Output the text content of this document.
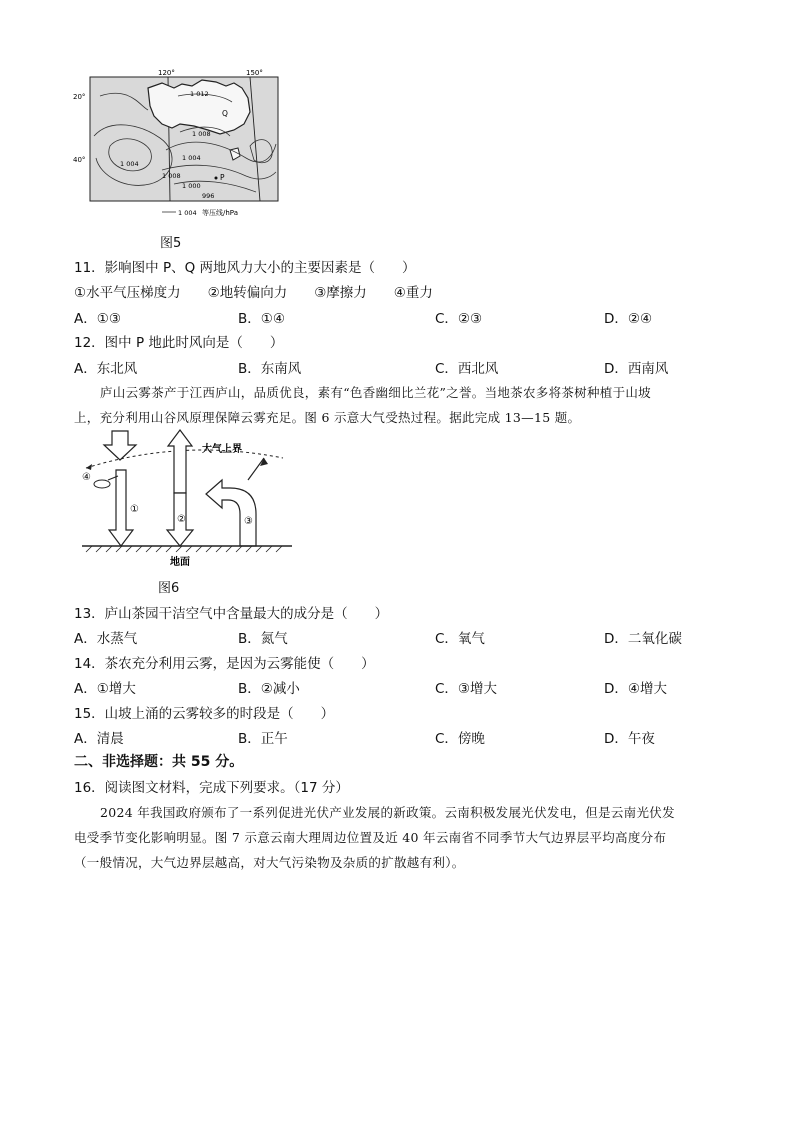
120°	150°
20°
40°
1 012
1 008
1 004
1 004
1 008
1 000
996
Q
P
1 004 等压线/hPa
图5
11．影响图中 P、Q 两地风力大小的主要因素是（　　）
①水平气压梯度力　　②地转偏向力　　③摩擦力　　④重力
A．①③	B．①④	C．②③	D．②④
12．图中 P 地此时风向是（　　）
A．东北风	B．东南风	C．西北风	D．西南风
庐山云雾茶产于江西庐山，品质优良，素有“色香幽细比兰花”之誉。当地茶农多将茶树种植于山坡
上，充分利用山谷风原理保障云雾充足。图 6 示意大气受热过程。据此完成 13—15 题。
大气上界
①
④
②	③
地面
图6
13．庐山茶园干洁空气中含量最大的成分是（　　）
A．水蒸气	B．氮气	C．氧气	D．二氧化碳
14．茶农充分利用云雾，是因为云雾能使（　　）
A．①增大	B．②减小	C．③增大	D．④增大
15．山坡上涌的云雾较多的时段是（　　）
A．清晨	B．正午	C．傍晚	D．午夜
二、非选择题：共 55 分。
16．阅读图文材料，完成下列要求。（17 分）
2024 年我国政府颁布了一系列促进光伏产业发展的新政策。云南积极发展光伏发电，但是云南光伏发
电受季节变化影响明显。图 7 示意云南大理周边位置及近 40 年云南省不同季节大气边界层平均高度分布
（一般情况，大气边界层越高，对大气污染物及杂质的扩散越有利）。
